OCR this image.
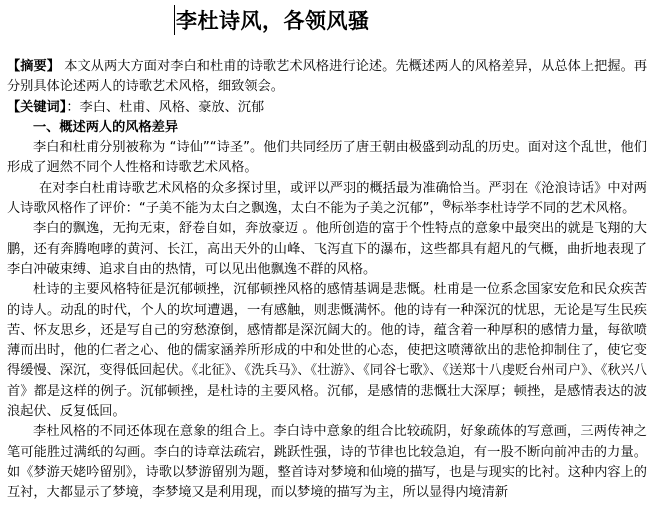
李杜诗风，各领风骚

【摘要】 本文从两大方面对李白和杜甫的诗歌艺术风格进行论述。先概述两人的风格差异，从总体上把握。再分别具体论述两人的诗歌艺术风格，细致领会。

【关键词】：李白 、 杜甫 、 风格 、 豪放 、 沉郁

一、概述两人的风格差异

李白和杜甫分别被称为 “诗仙”“诗圣”。他们共同经历了唐王朝由极盛到动乱的历史。面对这个乱世，他们形成了迥然不同个人性格和诗歌艺术风格。

在对李白杜甫诗歌艺术风格的众多探讨里，或评以严羽的概括最为准确恰当。严羽在《沧浪诗话》中对两人诗歌风格作了评价：“子美不能为太白之飘逸，太白不能为子美之沉郁”，⑫标举李杜诗学不同的艺术风格。

李白的飘逸，无拘无束，舒卷自如，奔放豪迈 。他所创造的富于个性特点的意象中最突出的就是飞翔的大鹏，还有奔腾咆哮的黄河、长江，高出天外的山峰、飞泻直下的瀑布，这些都具有超凡的气概，曲折地表现了李白冲破束缚、追求自由的热情，可以见出他飘逸不群的风格。

杜诗的主要风格特征是沉郁顿挫，沉郁顿挫风格的感情基调是悲慨。杜甫是一位系念国家安危和民众疾苦的诗人。动乱的时代，个人的坎坷遭遇，一有感触，则悲慨满怀。他的诗有一种深沉的忧思，无论是写生民疾苦、怀友思乡，还是写自己的穷愁潦倒，感情都是深沉阔大的。他的诗，蕴含着一种厚积的感情力量，每欲喷薄而出时，他的仁者之心、他的儒家涵养所形成的中和处世的心态，使把这喷薄欲出的悲怆抑制住了，使它变得缓慢、深沉，变得低回起伏。《北征》、《洗兵马》、《壮游》、《同谷七歌》、《送郑十八虔贬台州司户》、《秋兴八首》都是这样的例子。沉郁顿挫，是杜诗的主要风格。沉郁，是感情的悲慨壮大深厚；顿挫，是感情表达的波浪起伏、反复低回。

李杜风格的不同还体现在意象的组合上。李白诗中意象的组合比较疏阴，好象疏体的写意画，三两传神之笔可能胜过满纸的勾画。李白的诗章法疏宕，跳跃性强，诗的节律也比较急迫，有一股不断向前冲击的力量。如《梦游天姥吟留别》，诗歌以梦游留别为题，整首诗对梦境和仙境的描写，也是与现实的比衬。这种内容上的互衬，大都显示了梦境，李梦境又是利用现，而以梦境的描写为主，所以显得内境清新
